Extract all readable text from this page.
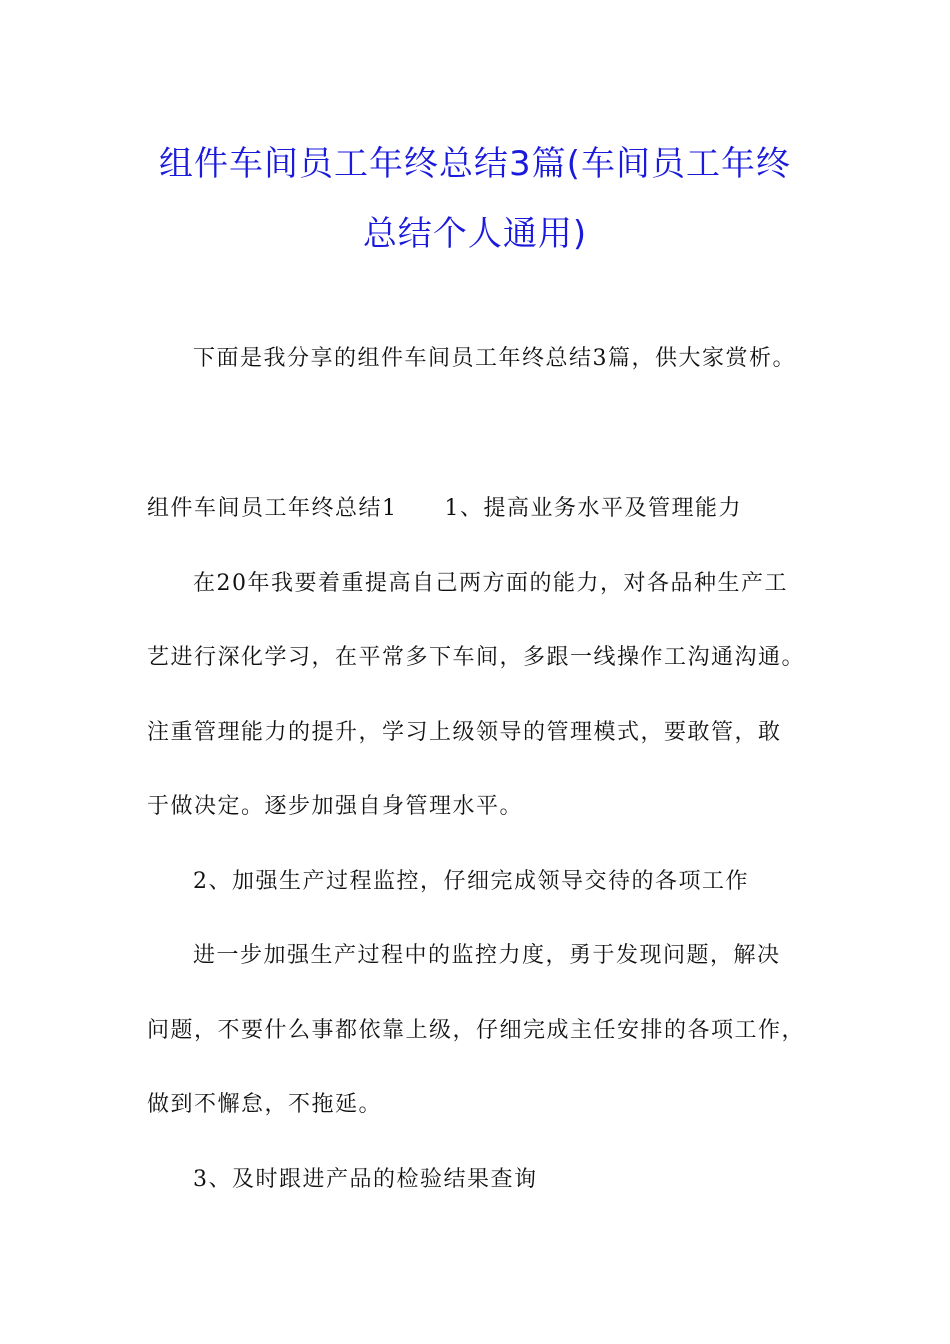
组件车间员工年终总结3篇(车间员工年终
总结个人通用)
下面是我分享的组件车间员工年终总结3篇，供大家赏析。
组件车间员工年终总结1　　1、提高业务水平及管理能力
在20年我要着重提高自己两方面的能力，对各品种生产工
艺进行深化学习，在平常多下车间，多跟一线操作工沟通沟通。
注重管理能力的提升，学习上级领导的管理模式，要敢管，敢
于做决定。逐步加强自身管理水平。
2、加强生产过程监控，仔细完成领导交待的各项工作
进一步加强生产过程中的监控力度，勇于发现问题，解决
问题，不要什么事都依靠上级，仔细完成主任安排的各项工作，
做到不懈怠，不拖延。
3、及时跟进产品的检验结果查询
